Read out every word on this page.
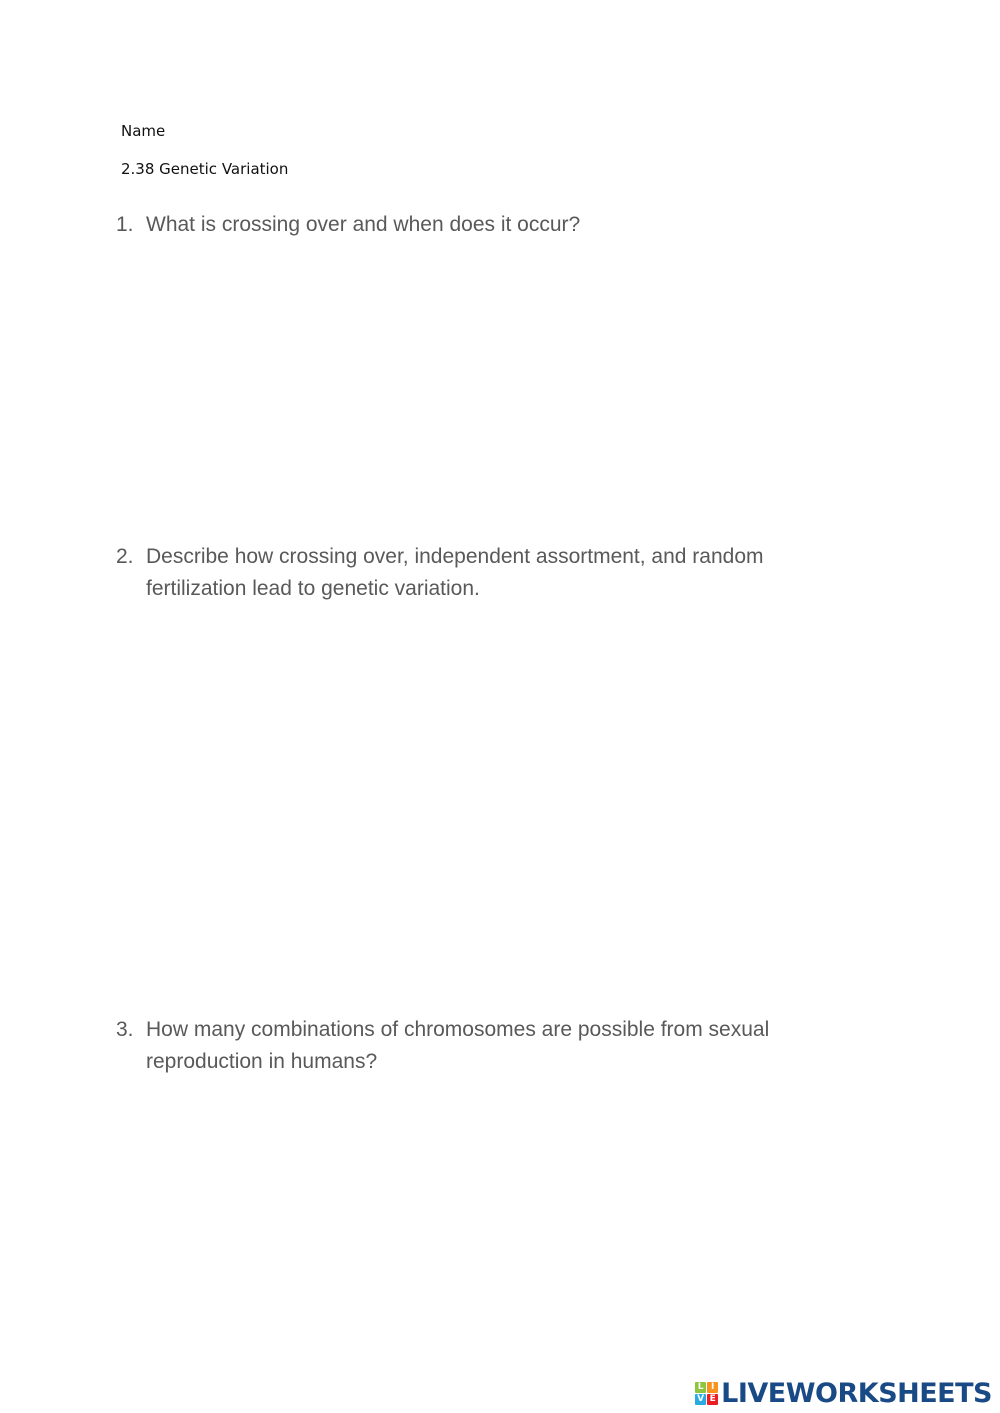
Name
2.38 Genetic Variation
1. What is crossing over and when does it occur?
2. Describe how crossing over, independent assortment, and random fertilization lead to genetic variation.
3. How many combinations of chromosomes are possible from sexual reproduction in humans?
L I
V E LIVEWORKSHEETS
